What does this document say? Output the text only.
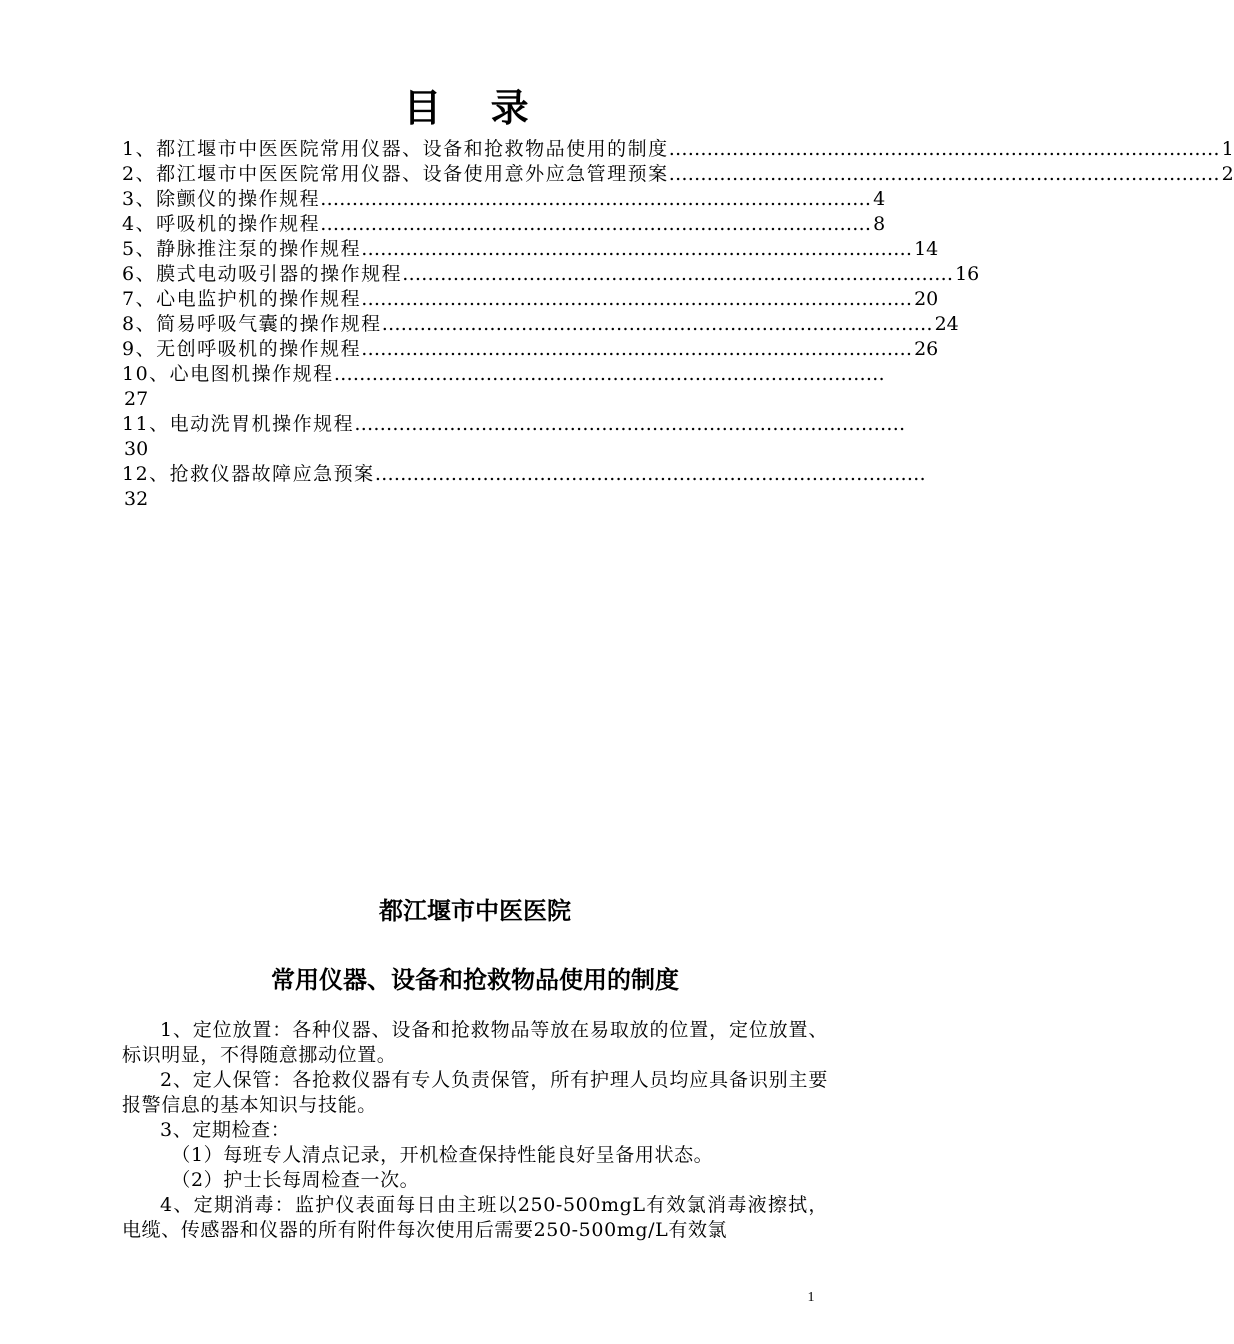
目 录
1、都江堰市中医医院常用仪器、设备和抢救物品使用的制度 …………………………………………………………………………… 1
2、都江堰市中医医院常用仪器、设备使用意外应急管理预案 …………………………………………………………………………… 2
3、除颤仪的操作规程 …………………………………………………………………………… 4
4、呼吸机的操作规程 …………………………………………………………………………… 8
5、静脉推注泵的操作规程 …………………………………………………………………………… 14
6、膜式电动吸引器的操作规程 …………………………………………………………………………… 16
7、心电监护机的操作规程 …………………………………………………………………………… 20
8、简易呼吸气囊的操作规程 …………………………………………………………………………… 24
9、无创呼吸机的操作规程 …………………………………………………………………………… 26
10、心电图机操作规程 ……………………………………………………………………………
27
11、电动洗胃机操作规程 ……………………………………………………………………………
30
12、抢救仪器故障应急预案 ……………………………………………………………………………
32
都江堰市中医医院
常用仪器、设备和抢救物品使用的制度

1、定位放置：各种仪器、设备和抢救物品等放在易取放的位置，定位放置、标识明显，不得随意挪动位置。

2、定人保管：各抢救仪器有专人负责保管，所有护理人员均应具备识别主要报警信息的基本知识与技能。

3、定期检查：

（1）每班专人清点记录，开机检查保持性能良好呈备用状态。

（2）护士长每周检查一次。

4、定期消毒：监护仪表面每日由主班以250-500mgL有效氯消毒液擦拭，电缆、传感器和仪器的所有附件每次使用后需要250-500mg/L有效氯

1
